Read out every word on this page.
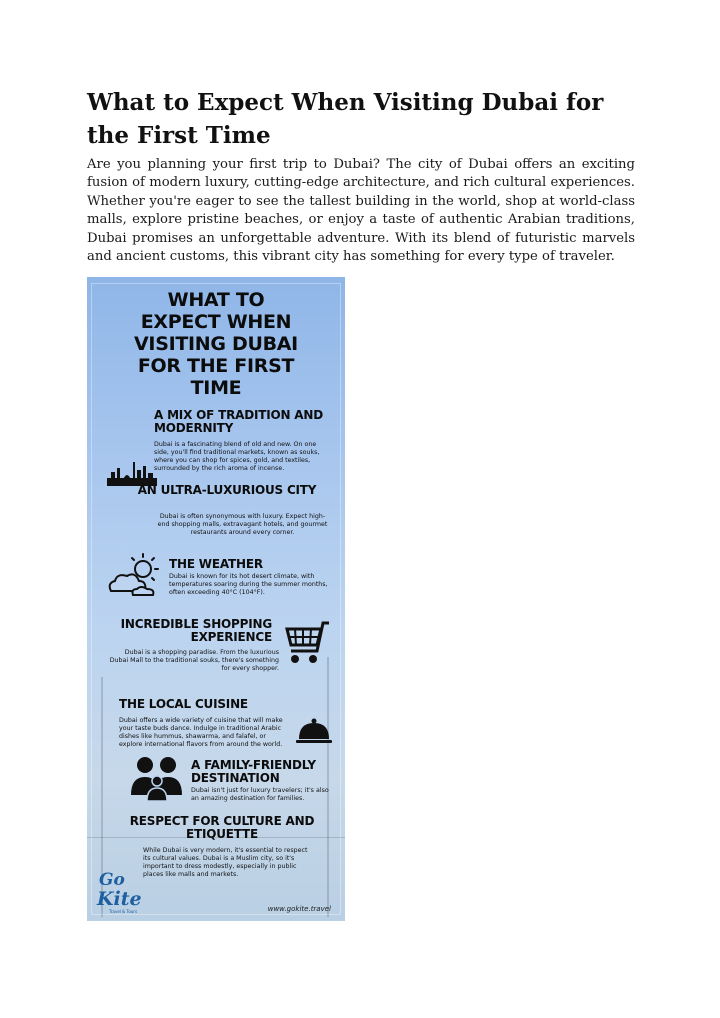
What to Expect When Visiting Dubai for the First Time

Are you planning your first trip to Dubai? The city of Dubai offers an exciting fusion of modern luxury, cutting-edge architecture, and rich cultural experiences. Whether you're eager to see the tallest building in the world, shop at world-class malls, explore pristine beaches, or enjoy a taste of authentic Arabian traditions, Dubai promises an unforgettable adventure. With its blend of futuristic marvels and ancient customs, this vibrant city has something for every type of traveler.

WHAT TO EXPECT WHEN VISITING DUBAI FOR THE FIRST TIME
A MIX OF TRADITION AND MODERNITY

Dubai is a fascinating blend of old and new. On one side, you'll find traditional markets, known as souks, where you can shop for spices, gold, and textiles, surrounded by the rich aroma of incense.

AN ULTRA-LUXURIOUS CITY

Dubai is often synonymous with luxury. Expect high-end shopping malls, extravagant hotels, and gourmet restaurants around every corner.

THE WEATHER

Dubai is known for its hot desert climate, with temperatures soaring during the summer months, often exceeding 40°C (104°F).

INCREDIBLE SHOPPING EXPERIENCE

Dubai is a shopping paradise. From the luxurious Dubai Mall to the traditional souks, there's something for every shopper.

THE LOCAL CUISINE

Dubai offers a wide variety of cuisine that will make your taste buds dance. Indulge in traditional Arabic dishes like hummus, shawarma, and falafel, or explore international flavors from around the world.

A FAMILY-FRIENDLY DESTINATION

Dubai isn't just for luxury travelers; it's also an amazing destination for families.

RESPECT FOR CULTURE AND ETIQUETTE

While Dubai is very modern, it's essential to respect its cultural values. Dubai is a Muslim city, so it's important to dress modestly, especially in public places like malls and markets.

Go
Kite
Travel & Tours	www.gokite.travel
